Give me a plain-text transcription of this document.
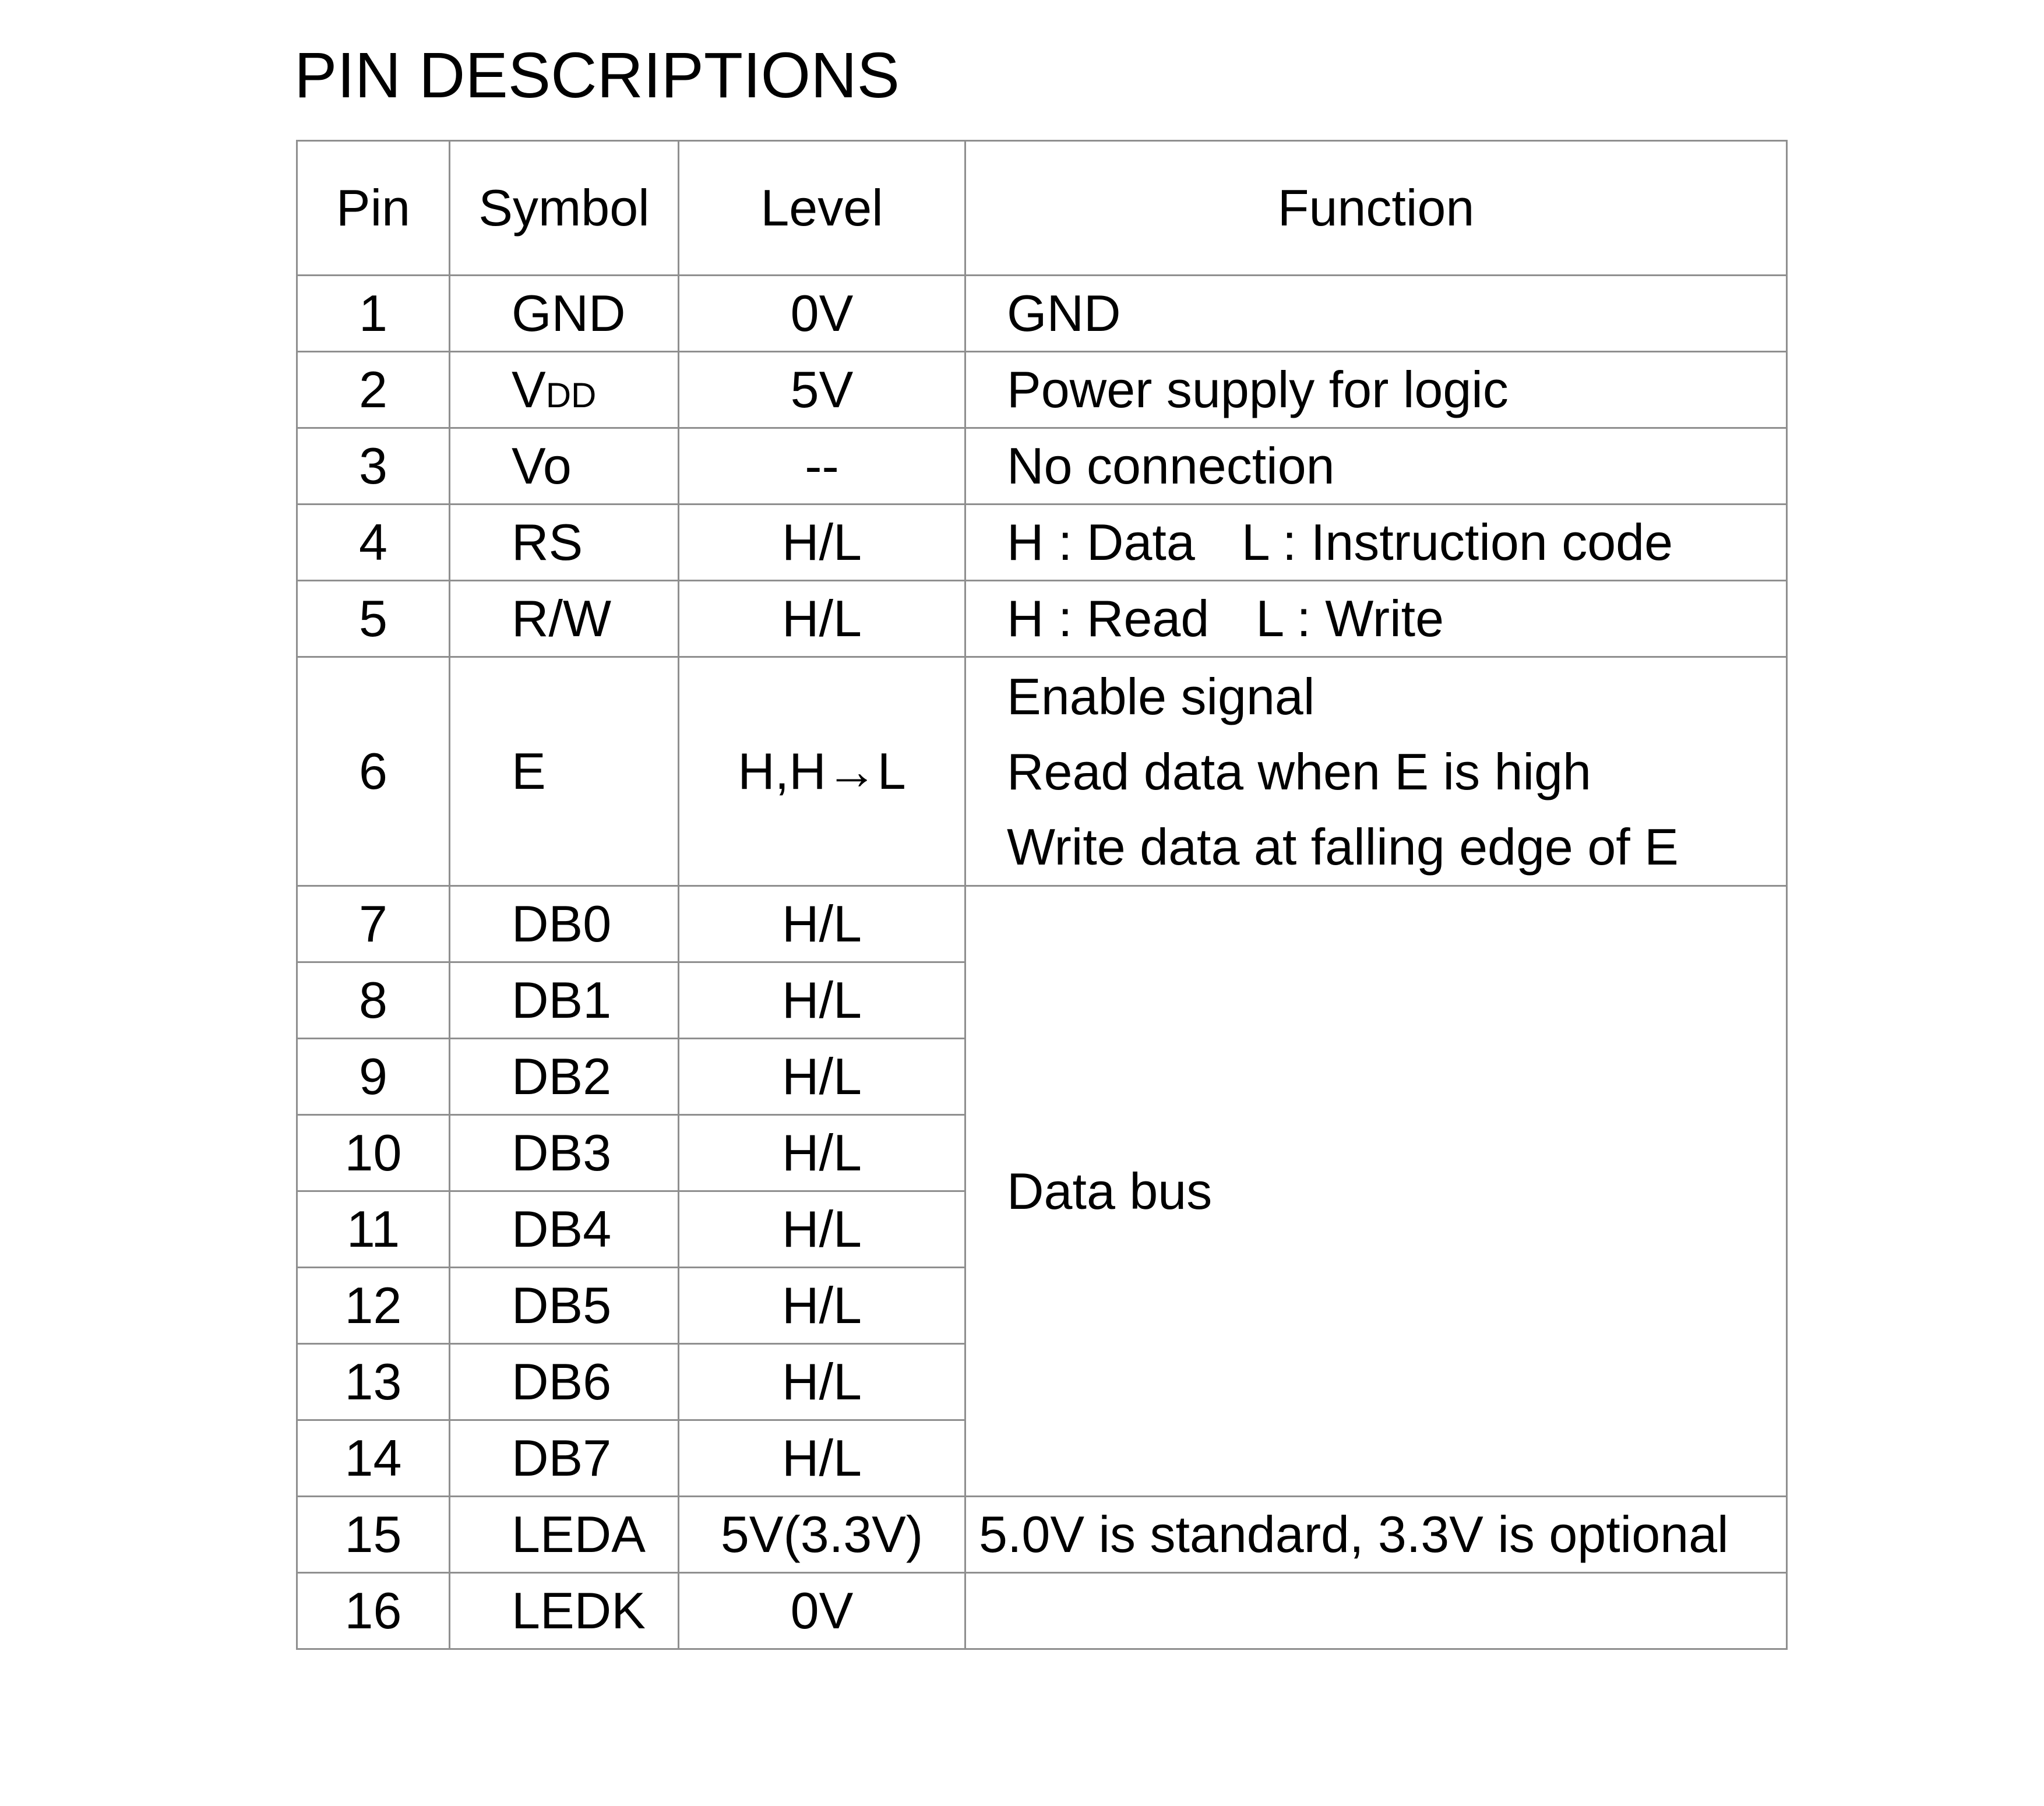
PIN DESCRIPTIONS
Pin	Symbol	Level	Function
1	GND	0V	GND
2	VDD	5V	Power supply for logic
3	Vo	--	No connection
4	RS	H/L	H : Data L : Instruction code
5	R/W	H/L	H : Read L : Write
6	E	H,H→L	Enable signal
Read data when E is high
Write data at falling edge of E

7	DB0	H/L	Data bus
8	DB1	H/L	
9	DB2	H/L	
10	DB3	H/L	
11	DB4	H/L	
12	DB5	H/L	
13	DB6	H/L	
14	DB7	H/L	
15	LEDA	5V(3.3V)	5.0V is standard, 3.3V is optional
16	LEDK	0V	
